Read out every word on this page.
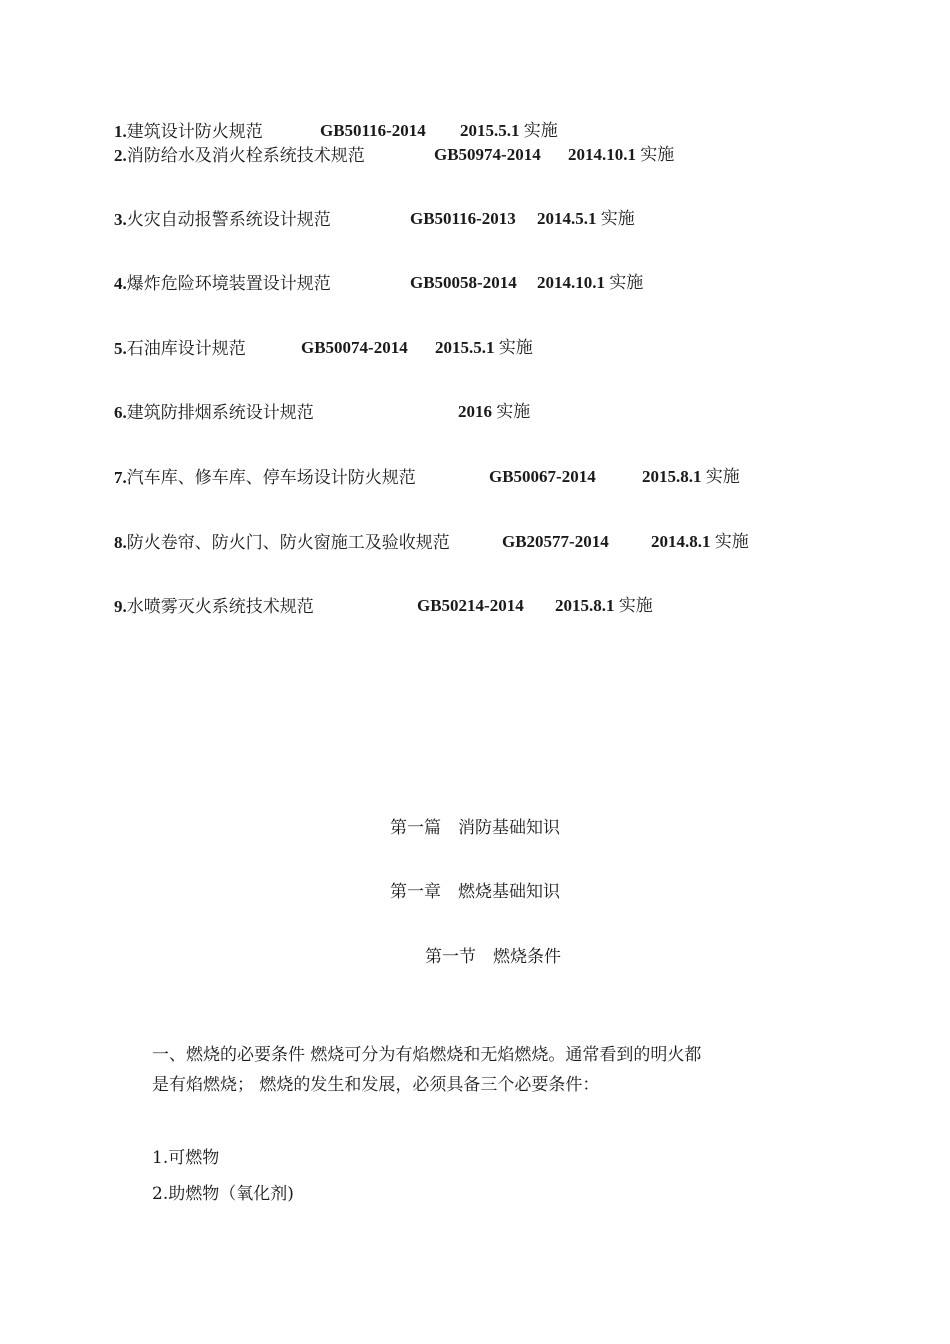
1.建筑设计防火规范	GB50116-2014 2015.5.1 实施
2.消防给水及消火栓系统技术规范	GB50974-2014 2014.10.1 实施
3.火灾自动报警系统设计规范	GB50116-2013 2014.5.1 实施
4.爆炸危险环境装置设计规范	GB50058-2014 2014.10.1 实施
5.石油库设计规范	GB50074-2014 2015.5.1 实施
6.建筑防排烟系统设计规范	2016 实施
7.汽车库、修车库、停车场设计防火规范	GB50067-2014	2015.8.1 实施
8.防火卷帘、防火门、防火窗施工及验收规范	GB20577-2014 2014.8.1 实施
9.水喷雾灭火系统技术规范	GB50214-2014 2015.8.1 实施
第一篇　消防基础知识
第一章　燃烧基础知识
第一节　燃烧条件
一、燃烧的必要条件 燃烧可分为有焰燃烧和无焰燃烧。通常看到的明火都是有焰燃烧； 燃烧的发生和发展，必须具备三个必要条件：
1.可燃物
2.助燃物（氧化剂)
